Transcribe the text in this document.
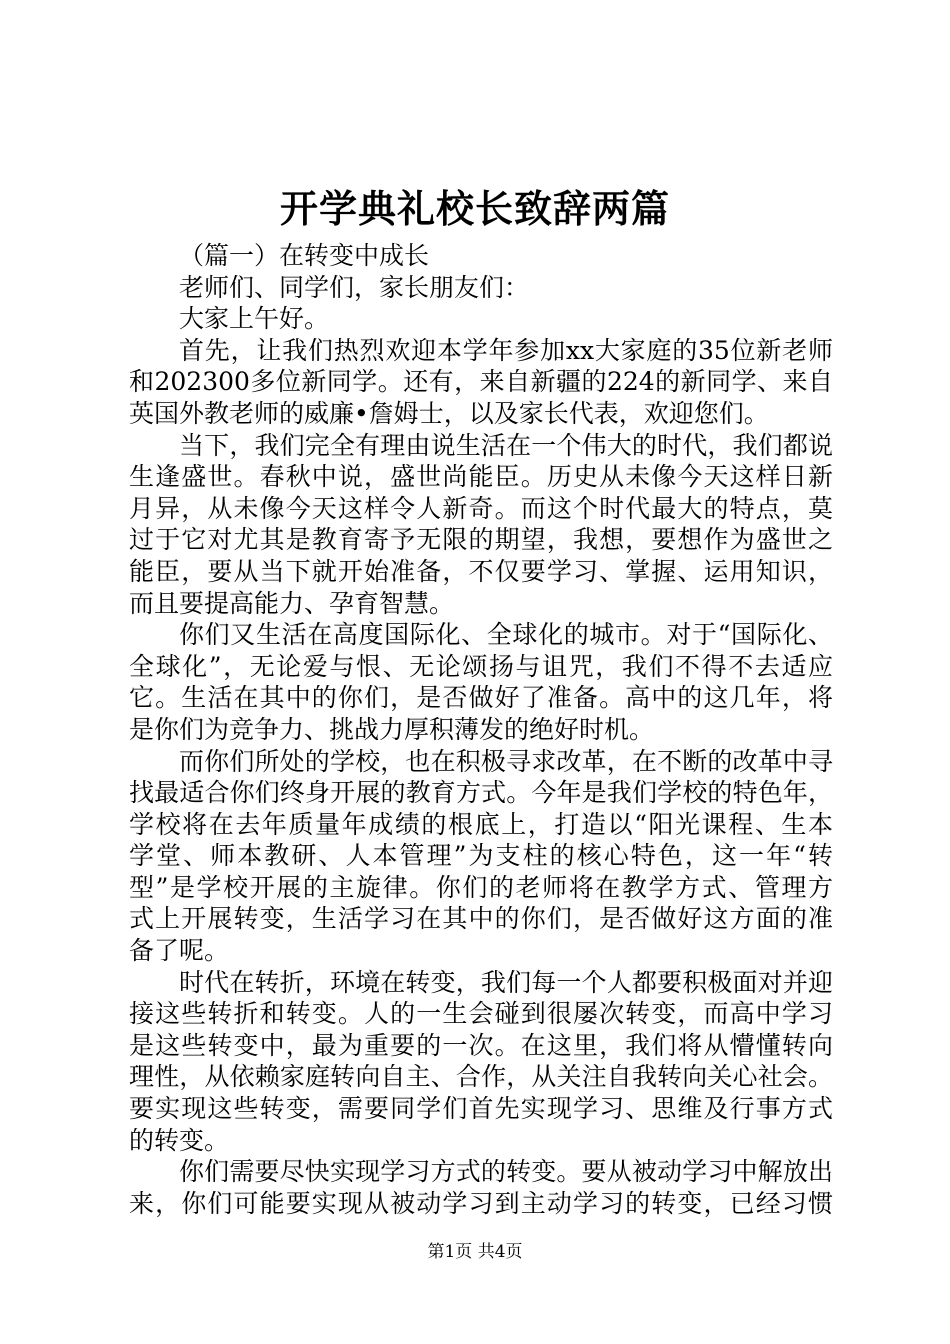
开学典礼校长致辞两篇
（篇一）在转变中成长
老师们、同学们，家长朋友们：
大家上午好。
首先，让我们热烈欢迎本学年参加xx大家庭的35位新老师
和202300多位新同学。还有，来自新疆的224的新同学、来自
英国外教老师的威廉•詹姆士，以及家长代表，欢迎您们。
当下，我们完全有理由说生活在一个伟大的时代，我们都说
生逢盛世。春秋中说，盛世尚能臣。历史从未像今天这样日新
月异，从未像今天这样令人新奇。而这个时代最大的特点，莫
过于它对尤其是教育寄予无限的期望，我想，要想作为盛世之
能臣，要从当下就开始准备，不仅要学习、掌握、运用知识，
而且要提高能力、孕育智慧。
你们又生活在高度国际化、全球化的城市。对于“国际化、
全球化”，无论爱与恨、无论颂扬与诅咒，我们不得不去适应
它。生活在其中的你们，是否做好了准备。高中的这几年，将
是你们为竞争力、挑战力厚积薄发的绝好时机。
而你们所处的学校，也在积极寻求改革，在不断的改革中寻
找最适合你们终身开展的教育方式。今年是我们学校的特色年，
学校将在去年质量年成绩的根底上，打造以“阳光课程、生本
学堂、师本教研、人本管理”为支柱的核心特色，这一年“转
型”是学校开展的主旋律。你们的老师将在教学方式、管理方
式上开展转变，生活学习在其中的你们，是否做好这方面的准
备了呢。
时代在转折，环境在转变，我们每一个人都要积极面对并迎
接这些转折和转变。人的一生会碰到很屡次转变，而高中学习
是这些转变中，最为重要的一次。在这里，我们将从懵懂转向
理性，从依赖家庭转向自主、合作，从关注自我转向关心社会。
要实现这些转变，需要同学们首先实现学习、思维及行事方式
的转变。
你们需要尽快实现学习方式的转变。要从被动学习中解放出
来，你们可能要实现从被动学习到主动学习的转变，已经习惯
第1页 共4页
